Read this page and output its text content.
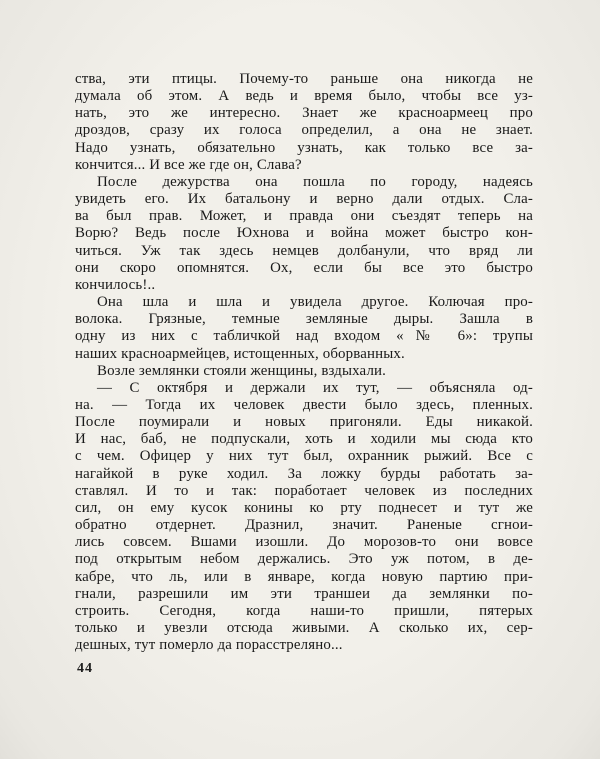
ства, эти птицы. Почему-то раньше она никогда не
думала об этом. А ведь и время было, чтобы все уз-
нать, это же интересно. Знает же красноармеец про
дроздов, сразу их голоса определил, а она не знает.
Надо узнать, обязательно узнать, как только все за-
кончится... И все же где он, Слава?
После дежурства она пошла по городу, надеясь
увидеть его. Их батальону и верно дали отдых. Сла-
ва был прав. Может, и правда они съездят теперь на
Ворю? Ведь после Юхнова и война может быстро кон-
читься. Уж так здесь немцев долбанули, что вряд ли
они скоро опомнятся. Ох, если бы все это быстро
кончилось!..
Она шла и шла и увидела другое. Колючая про-
волока. Грязные, темные земляные дыры. Зашла в
одну из них с табличкой над входом «№ 6»: трупы
наших красноармейцев, истощенных, оборванных.
Возле землянки стояли женщины, вздыхали.
— С октября и держали их тут, — объясняла од-
на. — Тогда их человек двести было здесь, пленных.
После поумирали и новых пригоняли. Еды никакой.
И нас, баб, не подпускали, хоть и ходили мы сюда кто
с чем. Офицер у них тут был, охранник рыжий. Все с
нагайкой в руке ходил. За ложку бурды работать за-
ставлял. И то и так: поработает человек из последних
сил, он ему кусок конины ко рту поднесет и тут же
обратно отдернет. Дразнил, значит. Раненые сгнои-
лись совсем. Вшами изошли. До морозов-то они вовсе
под открытым небом держались. Это уж потом, в де-
кабре, что ль, или в январе, когда новую партию при-
гнали, разрешили им эти траншеи да землянки по-
строить. Сегодня, когда наши-то пришли, пятерых
только и увезли отсюда живыми. А сколько их, сер-
дешных, тут померло да порасстреляно...
44
